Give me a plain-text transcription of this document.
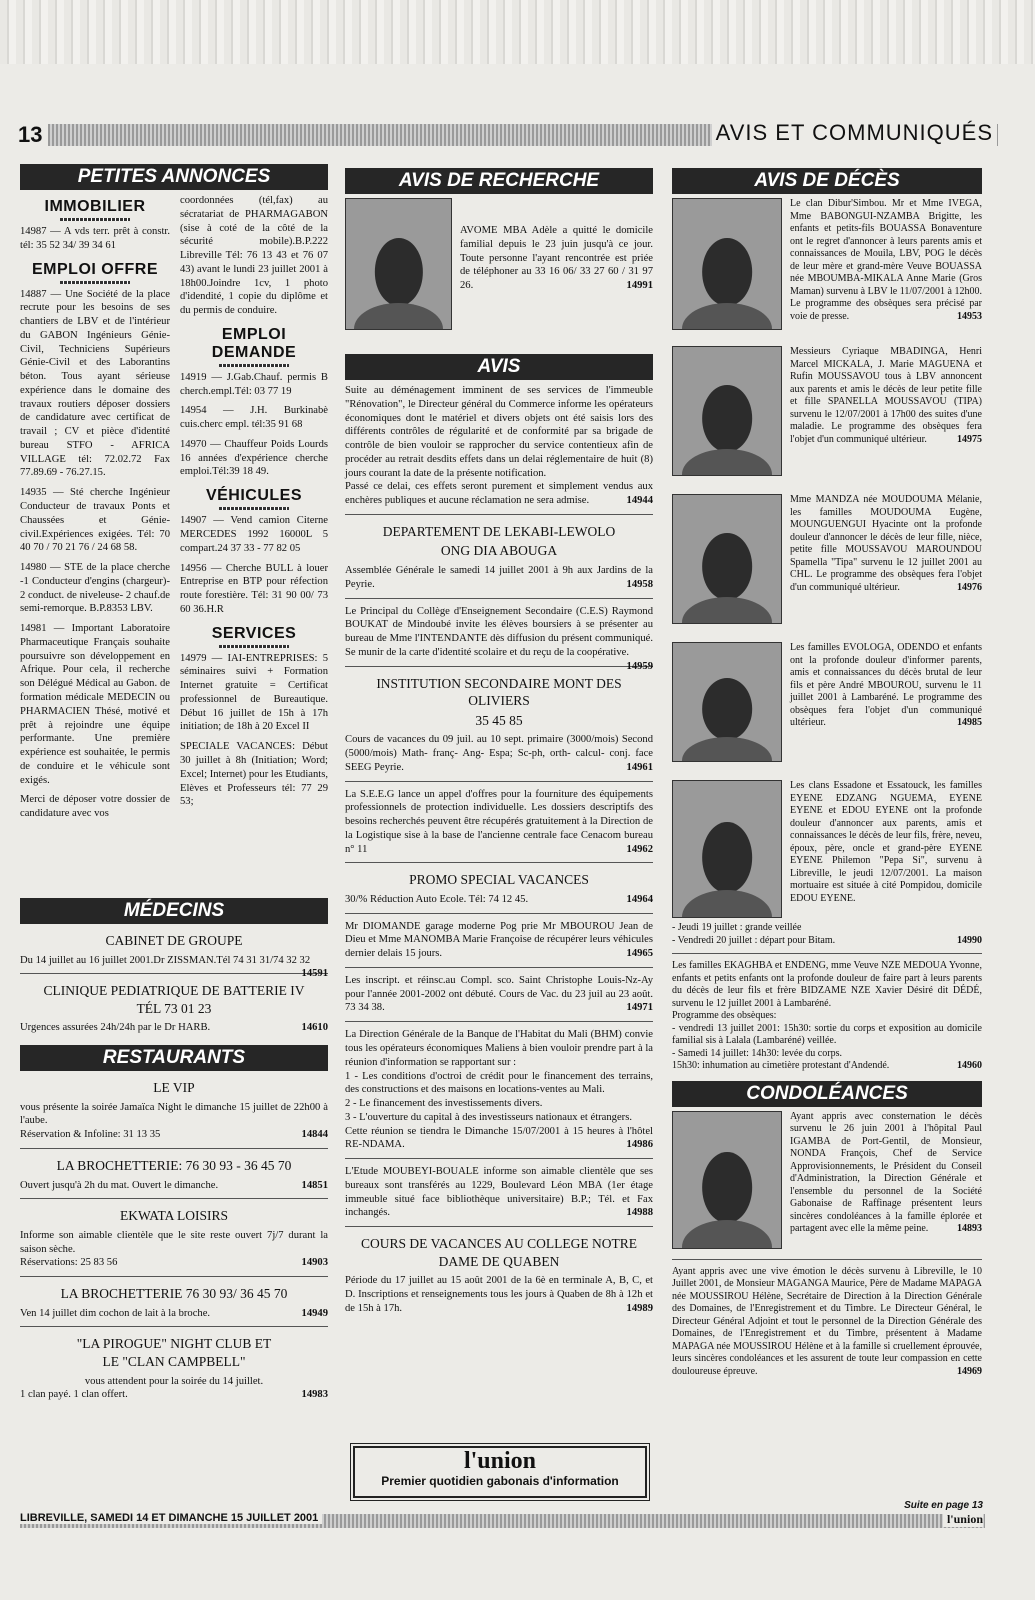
13	AVIS ET COMMUNIQUÉS
PETITES ANNONCES
IMMOBILIER

14987 — A vds terr. prêt à constr. tél: 35 52 34/ 39 34 61

EMPLOI OFFRE

14887 — Une Société de la place recrute pour les besoins de ses chantiers de LBV et de l'intérieur du GABON Ingénieurs Génie-Civil, Techniciens Supérieurs Génie-Civil et des Laborantins béton. Tous ayant sérieuse expérience dans le domaine des travaux routiers déposer dossiers de candidature avec certificat de travail ; CV et pièce d'identité bureau STFO - AFRICA VILLAGE tél: 72.02.72 Fax 77.89.69 - 76.27.15.

14935 — Sté cherche Ingénieur Conducteur de travaux Ponts et Chaussées et Génie-civil.Expériences exigées. Tél: 70 40 70 / 70 21 76 / 24 68 58.

14980 — STE de la place cherche -1 Conducteur d'engins (chargeur)- 2 conduct. de niveleuse- 2 chauf.de semi-remorque. B.P.8353 LBV.

14981 — Important Laboratoire Pharmaceutique Français souhaite poursuivre son développement en Afrique. Pour cela, il recherche son Délégué Médical au Gabon. de formation médicale MEDECIN ou PHARMACIEN Thésé, motivé et prêt à rejoindre une équipe performante. Une première expérience est souhaitée, le permis de conduire et le véhicule sont exigés.

Merci de déposer votre dossier de candidature avec vos

coordonnées (tél,fax) au sécratariat de PHARMAGABON (sise à coté de la côté de la sécurité mobile).B.P.222 Libreville Tél: 76 13 43 et 76 07 43) avant le lundi 23 juillet 2001 à 18h00.Joindre 1cv, 1 photo d'idendité, 1 copie du diplôme et du permis de conduire.

EMPLOI DEMANDE

14919 — J.Gab.Chauf. permis B cherch.empl.Tél: 03 77 19

14954 — J.H. Burkinabè cuis.cherc empl. tél:35 91 68

14970 — Chauffeur Poids Lourds 16 années d'expérience cherche emploi.Tél:39 18 49.

VÉHICULES

14907 — Vend camion Citerne MERCEDES 1992 16000L 5 compart.24 37 33 - 77 82 05

14956 — Cherche BULL à louer Entreprise en BTP pour réfection route forestière. Tél: 31 90 00/ 73 60 36.H.R

SERVICES

14979 — IAI-ENTREPRISES: 5 séminaires suivi + Formation Internet gratuite = Certificat professionnel de Bureautique. Début 16 juillet de 15h à 17h initiation; de 18h à 20 Excel II

SPECIALE VACANCES: Début 30 juillet à 8h (Initiation; Word; Excel; Internet) pour les Etudiants, Elèves et Professeurs tél: 77 29 53;

MÉDECINS
CABINET DE GROUPE

Du 14 juillet au 16 juillet 2001.Dr ZISSMAN.Tél 74 31 31/74 32 32
14591

CLINIQUE PEDIATRIQUE DE BATTERIE IV
TÉL 73 01 23

Urgences assurées 24h/24h par le Dr HARB.	14610

RESTAURANTS
LE VIP

vous présente la soirée Jamaïca Night le dimanche 15 juillet de 22h00 à l'aube.

Réservation & Infoline: 31 13 35	14844

LA BROCHETTERIE: 76 30 93 - 36 45 70

Ouvert jusqu'à 2h du mat. Ouvert le dimanche.	14851

EKWATA LOISIRS

Informe son aimable clientèle que le site reste ouvert 7j/7 durant la saison sèche.

Réservations: 25 83 56	14903

LA BROCHETTERIE 76 30 93/ 36 45 70

Ven 14 juillet dim cochon de lait à la broche.	14949

"LA PIROGUE" NIGHT CLUB ET
LE "CLAN CAMPBELL"

vous attendent pour la soirée du 14 juillet.

1 clan payé. 1 clan offert.	14983

AVIS DE RECHERCHE

AVOME MBA Adèle a quitté le domicile familial depuis le 23 juin jusqu'à ce jour. Toute personne l'ayant rencontrée est priée de téléphoner au 33 16 06/ 33 27 60 / 31 97 26.	14991

AVIS

Suite au déménagement imminent de ses services de l'immeuble "Rénovation", le Directeur général du Commerce informe les opérateurs économiques dont le matériel et divers objets ont été saisis lors des différents contrôles de régularité et de conformité par sa brigade de contrôle de bien vouloir se rapprocher du service contentieux afin de procéder au retrait desdits effets dans un delai réglementaire de huit (8) jours courant la date de la présente notification.

Passé ce delai, ces effets seront purement et simplement vendus aux enchères publiques et aucune réclamation ne sera admise.	14944

DEPARTEMENT DE LEKABI-LEWOLO
ONG DIA ABOUGA

Assemblée Générale le samedi 14 juillet 2001 à 9h aux Jardins de la Peyrie.	14958

Le Principal du Collège d'Enseignement Secondaire (C.E.S) Raymond BOUKAT de Mindoubé invite les élèves boursiers à se présenter au bureau de Mme l'INTENDANTE dès diffusion du présent communiqué. Se munir de la carte d'identité scolaire et du reçu de la coopérative.
14959

INSTITUTION SECONDAIRE MONT DES
OLIVIERS
35 45 85

Cours de vacances du 09 juil. au 10 sept. primaire (3000/mois) Second (5000/mois) Math- franç- Ang- Espa; Sc-ph, orth- calcul- conj. face SEEG Peyrie.	14961

La S.E.E.G lance un appel d'offres pour la fourniture des équipements professionnels de protection individuelle. Les dossiers descriptifs des besoins recherchés peuvent être récupérés gratuitement à la Direction de la Logistique sise à la base de l'ancienne centrale face Cenacom bureau n° 11	14962

PROMO SPECIAL VACANCES

30/% Réduction Auto Ecole. Tél: 74 12 45.	14964

Mr DIOMANDE garage moderne Pog prie Mr MBOUROU Jean de Dieu et Mme MANOMBA Marie Françoise de récupérer leurs véhicules dernier delais 15 jours.	14965

Les inscript. et réinsc.au Compl. sco. Saint Christophe Louis-Nz-Ay pour l'année 2001-2002 ont débuté. Cours de Vac. du 23 juil au 23 août. 73 34 38.	14971

La Direction Générale de la Banque de l'Habitat du Mali (BHM) convie tous les opérateurs économiques Maliens à bien vouloir prendre part à la réunion d'information se rapportant sur :

1 - Les conditions d'octroi de crédit pour le financement des terrains, des constructions et des maisons en locations-ventes au Mali.

2 - Le financement des investissements divers.

3 - L'ouverture du capital à des investisseurs nationaux et étrangers.

Cette réunion se tiendra le Dimanche 15/07/2001 à 15 heures à l'hôtel RE-NDAMA.	14986

L'Etude MOUBEYI-BOUALE informe son aimable clientèle que ses bureaux sont transférés au 1229, Boulevard Léon MBA (1er étage immeuble situé face bibliothèque universitaire) B.P.; Tél. et Fax inchangés.	14988

COURS DE VACANCES AU COLLEGE NOTRE
DAME DE QUABEN

Période du 17 juillet au 15 août 2001 de la 6è en terminale A, B, C, et D. Inscriptions et renseignements tous les jours à Quaben de 8h à 12h et de 15h à 17h.	14989

l'union
Premier quotidien gabonais d'information
AVIS DE DÉCÈS

Le clan Dibur'Simbou. Mr et Mme IVEGA, Mme BABONGUI-NZAMBA Brigitte, les enfants et petits-fils BOUASSA Bonaventure ont le regret d'annoncer à leurs parents amis et connaissances de Mouila, LBV, POG le décès de leur mère et grand-mère Veuve BOUASSA née MBOUMBA-MIKALA Anne Marie (Gros Maman) survenu à LBV le 11/07/2001 à 12h00. Le programme des obsèques sera précisé par voie de presse.	14953

Messieurs Cyriaque MBADINGA, Henri Marcel MICKALA, J. Marie MAGUENA et Rufin MOUSSAVOU tous à LBV annoncent aux parents et amis le décès de leur petite fille et fille SPANELLA MOUSSAVOU (TIPA) survenu le 12/07/2001 à 17h00 des suites d'une maladie. Le programme des obsèques fera l'objet d'un communiqué ultérieur.	14975

Mme MANDZA née MOUDOUMA Mélanie, les familles MOUDOUMA Eugène, MOUNGUENGUI Hyacinte ont la profonde douleur d'annoncer le décès de leur fille, nièce, petite fille MOUSSAVOU MAROUNDOU Spamella "Tipa" survenu le 12 juillet 2001 au CHL. Le programme des obsèques fera l'objet d'un communiqué ultérieur.	14976

Les familles EVOLOGA, ODENDO et enfants ont la profonde douleur d'informer parents, amis et connaissances du décès brutal de leur fils et père André MBOUROU, survenu le 11 juillet 2001 à Lambaréné. Le programme des obsèques fera l'objet d'un communiqué ultérieur.	14985

Les clans Essadone et Essatouck, les familles EYENE EDZANG NGUEMA, EYENE EYENE et EDOU EYENE ont la profonde douleur d'annoncer aux parents, amis et connaissances le décès de leur fils, frère, neveu, époux, père, oncle et grand-père EYENE EYENE Philemon "Pepa Si", survenu à Libreville, le jeudi 12/07/2001. La maison mortuaire est située à cité Pompidou, domicile EDOU EYENE.

- Jeudi 19 juillet : grande veillée

- Vendredi 20 juillet : départ pour Bitam.	14990

Les familles EKAGHBA et ENDENG, mme Veuve NZE MEDOUA Yvonne, enfants et petits enfants ont la profonde douleur de faire part à leurs parents du décès de leur fils et frère BIDZAME NZE Xavier Désiré dit DÉDÉ, survenu le 12 juillet 2001 à Lambaréné.

Programme des obsèques:

- vendredi 13 juillet 2001: 15h30: sortie du corps et exposition au domicile familial sis à Lalala (Lambaréné) veillée.

- Samedi 14 juillet: 14h30: levée du corps.

15h30: inhumation au cimetière protestant d'Andendé.	14960

CONDOLÉANCES

Ayant appris avec consternation le décès survenu le 26 juin 2001 à l'hôpital Paul IGAMBA de Port-Gentil, de Monsieur, NONDA François, Chef de Service Approvisionnements, le Président du Conseil d'Administration, la Direction Générale et l'ensemble du personnel de la Société Gabonaise de Raffinage présentent leurs sincères condoléances à la famille éplorée et partagent avec elle la même peine.	14893

Ayant appris avec une vive émotion le décès survenu à Libreville, le 10 Juillet 2001, de Monsieur MAGANGA Maurice, Père de Madame MAPAGA née MOUSSIROU Hélène, Secrétaire de Direction à la Direction Générale des Domaines, de l'Enregistrement et du Timbre. Le Directeur Général, le Directeur Général Adjoint et tout le personnel de la Direction Générale des Domaines, de l'Enregistrement et du Timbre, présentent à Madame MAPAGA née MOUSSIROU Hélène et à la famille si cruellement éprouvée, leurs sincères condoléances et les assurent de toute leur compassion en cette douloureuse épreuve.	14969

Suite en page 13
LIBREVILLE, SAMEDI 14 ET DIMANCHE 15 JUILLET 2001	l'union
